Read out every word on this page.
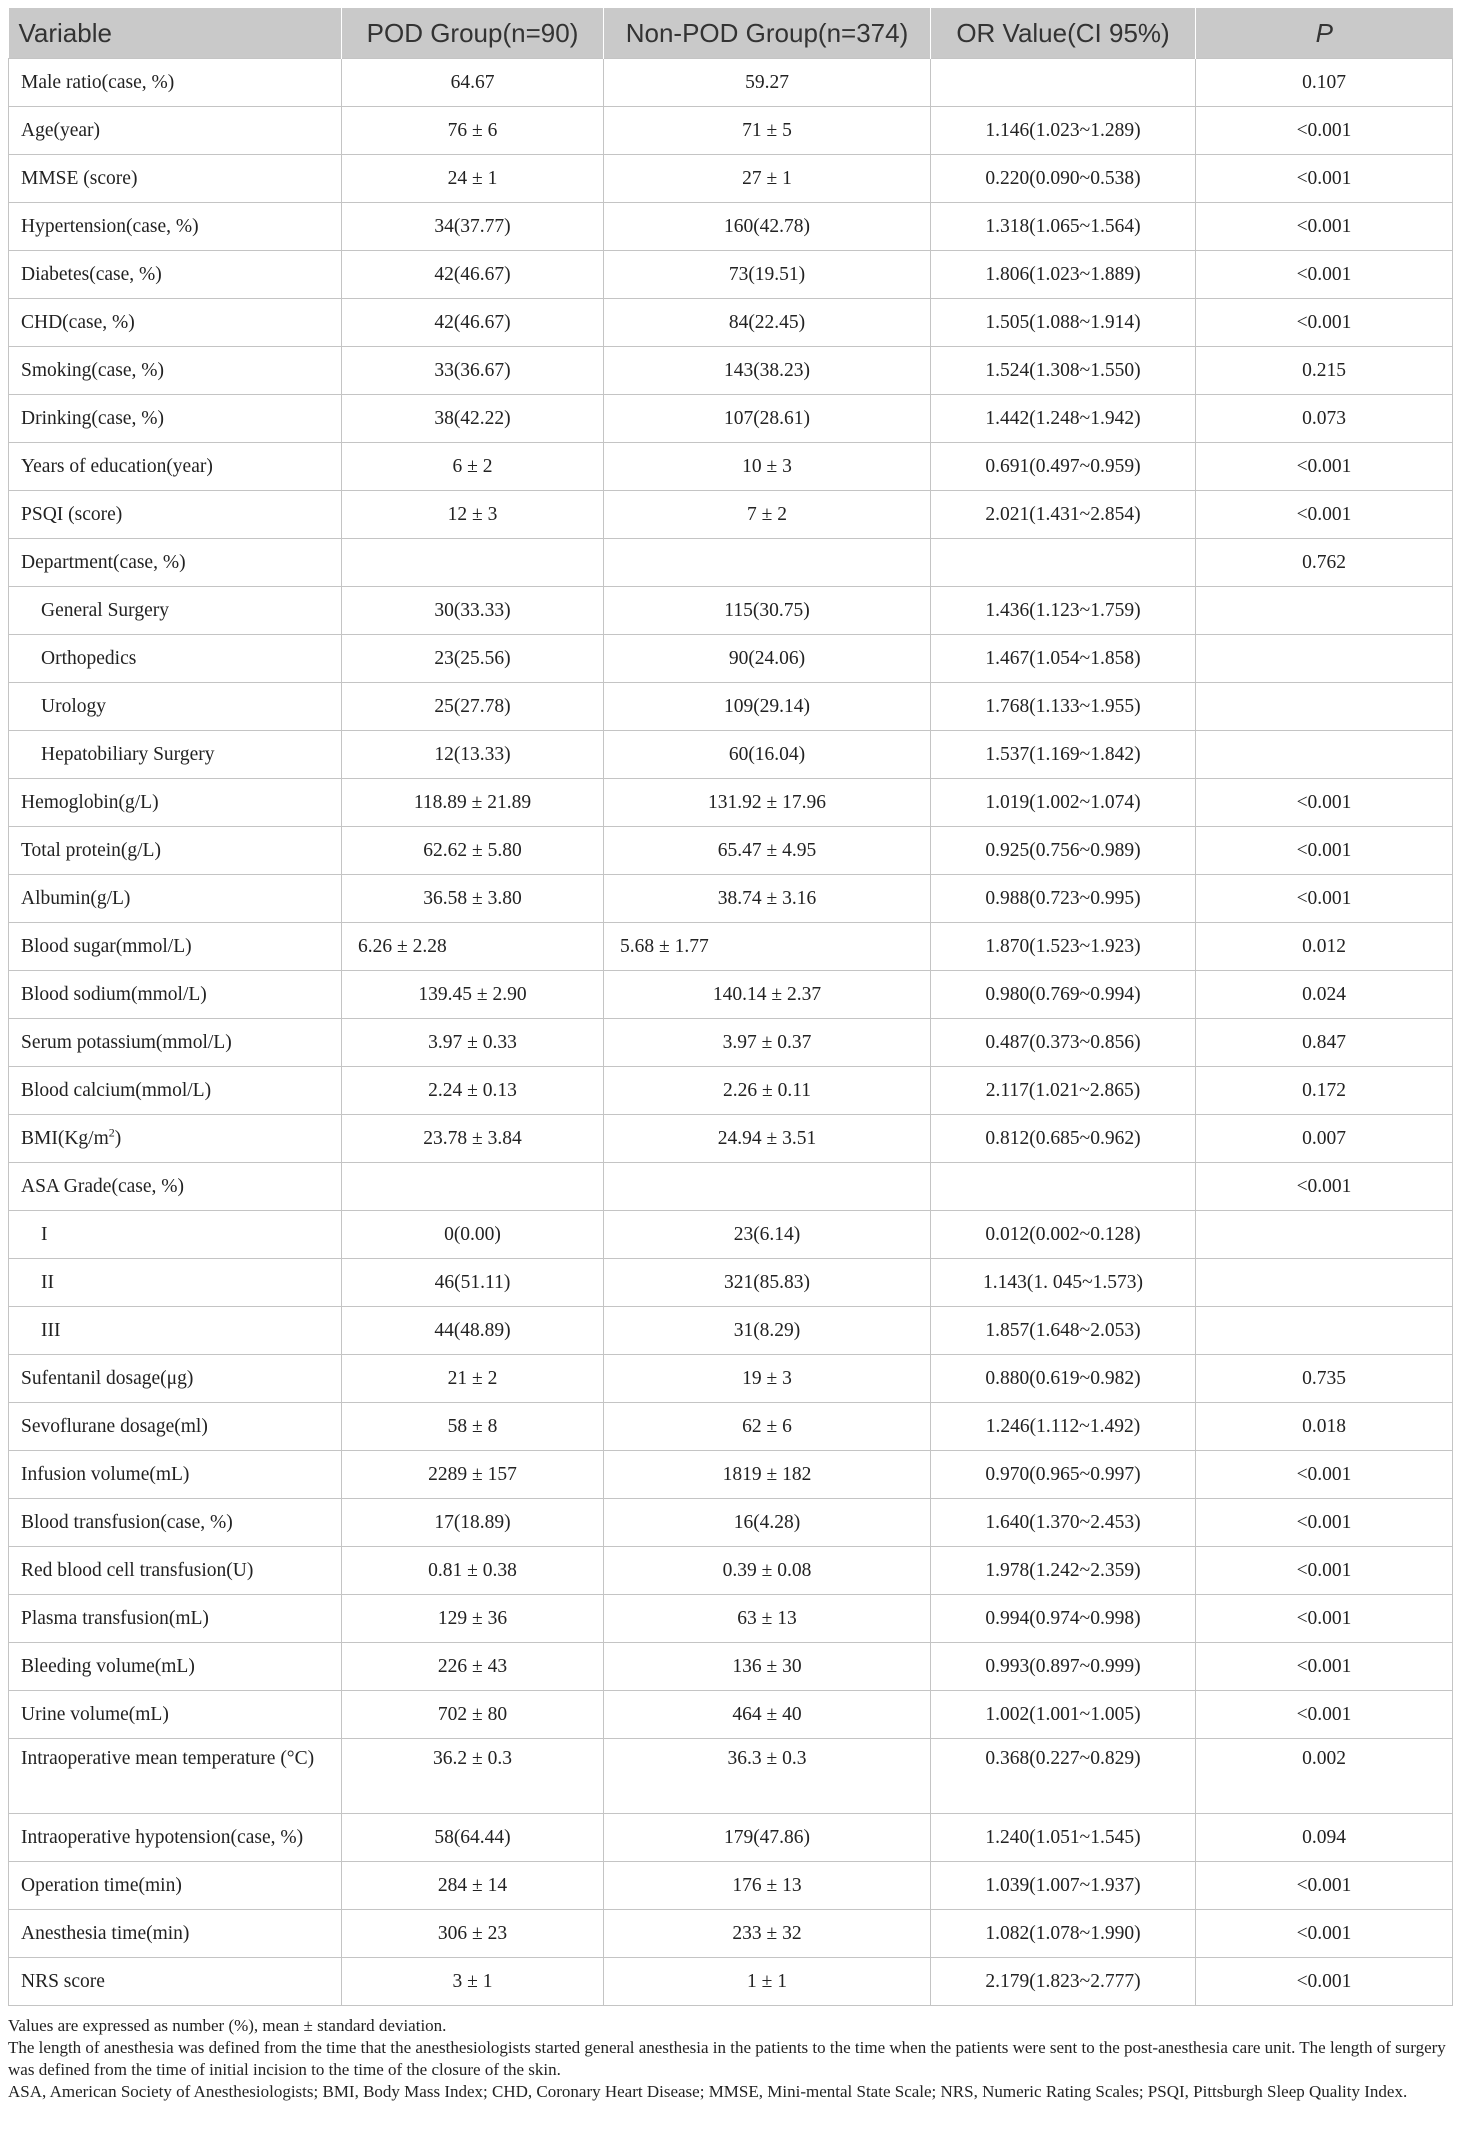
Variable	POD Group(n=90)	Non-POD Group(n=374)	OR Value(CI 95%)	P
Male ratio(case, %)	64.67	59.27		0.107
Age(year)	76 ± 6	71 ± 5	1.146(1.023~1.289)	<0.001
MMSE (score)	24 ± 1	27 ± 1	0.220(0.090~0.538)	<0.001
Hypertension(case, %)	34(37.77)	160(42.78)	1.318(1.065~1.564)	<0.001
Diabetes(case, %)	42(46.67)	73(19.51)	1.806(1.023~1.889)	<0.001
CHD(case, %)	42(46.67)	84(22.45)	1.505(1.088~1.914)	<0.001
Smoking(case, %)	33(36.67)	143(38.23)	1.524(1.308~1.550)	0.215
Drinking(case, %)	38(42.22)	107(28.61)	1.442(1.248~1.942)	0.073
Years of education(year)	6 ± 2	10 ± 3	0.691(0.497~0.959)	<0.001
PSQI (score)	12 ± 3	7 ± 2	2.021(1.431~2.854)	<0.001
Department(case, %)				0.762
General Surgery	30(33.33)	115(30.75)	1.436(1.123~1.759)	
Orthopedics	23(25.56)	90(24.06)	1.467(1.054~1.858)	
Urology	25(27.78)	109(29.14)	1.768(1.133~1.955)	
Hepatobiliary Surgery	12(13.33)	60(16.04)	1.537(1.169~1.842)	
Hemoglobin(g/L)	118.89 ± 21.89	131.92 ± 17.96	1.019(1.002~1.074)	<0.001
Total protein(g/L)	62.62 ± 5.80	65.47 ± 4.95	0.925(0.756~0.989)	<0.001
Albumin(g/L)	36.58 ± 3.80	38.74 ± 3.16	0.988(0.723~0.995)	<0.001
Blood sugar(mmol/L)	6.26 ± 2.28	5.68 ± 1.77	1.870(1.523~1.923)	0.012
Blood sodium(mmol/L)	139.45 ± 2.90	140.14 ± 2.37	0.980(0.769~0.994)	0.024
Serum potassium(mmol/L)	3.97 ± 0.33	3.97 ± 0.37	0.487(0.373~0.856)	0.847
Blood calcium(mmol/L)	2.24 ± 0.13	2.26 ± 0.11	2.117(1.021~2.865)	0.172
$BMI(Kg/m^2)$	23.78 ± 3.84	24.94 ± 3.51	0.812(0.685~0.962)	0.007
ASA Grade(case, %)				<0.001
I	0(0.00)	23(6.14)	0.012(0.002~0.128)	
II	46(51.11)	321(85.83)	1.143(1. 045~1.573)	
III	44(48.89)	31(8.29)	1.857(1.648~2.053)	
Sufentanil dosage(μg)	21 ± 2	19 ± 3	0.880(0.619~0.982)	0.735
Sevoflurane dosage(ml)	58 ± 8	62 ± 6	1.246(1.112~1.492)	0.018
Infusion volume(mL)	2289 ± 157	1819 ± 182	0.970(0.965~0.997)	<0.001
Blood transfusion(case, %)	17(18.89)	16(4.28)	1.640(1.370~2.453)	<0.001
Red blood cell transfusion(U)	0.81 ± 0.38	0.39 ± 0.08	1.978(1.242~2.359)	<0.001
Plasma transfusion(mL)	129 ± 36	63 ± 13	0.994(0.974~0.998)	<0.001
Bleeding volume(mL)	226 ± 43	136 ± 30	0.993(0.897~0.999)	<0.001
Urine volume(mL)	702 ± 80	464 ± 40	1.002(1.001~1.005)	<0.001
Intraoperative mean temperature (°C)	36.2 ± 0.3	36.3 ± 0.3	0.368(0.227~0.829)	0.002
Intraoperative hypotension(case, %)	58(64.44)	179(47.86)	1.240(1.051~1.545)	0.094
Operation time(min)	284 ± 14	176 ± 13	1.039(1.007~1.937)	<0.001
Anesthesia time(min)	306 ± 23	233 ± 32	1.082(1.078~1.990)	<0.001
NRS score	3 ± 1	1 ± 1	2.179(1.823~2.777)	<0.001

Values are expressed as number (%), mean ± standard deviation.

The length of anesthesia was defined from the time that the anesthesiologists started general anesthesia in the patients to the time when the patients were sent to the post-anesthesia care unit. The length of surgery was defined from the time of initial incision to the time of the closure of the skin.

ASA, American Society of Anesthesiologists; BMI, Body Mass Index; CHD, Coronary Heart Disease; MMSE, Mini-mental State Scale; NRS, Numeric Rating Scales; PSQI, Pittsburgh Sleep Quality Index.
